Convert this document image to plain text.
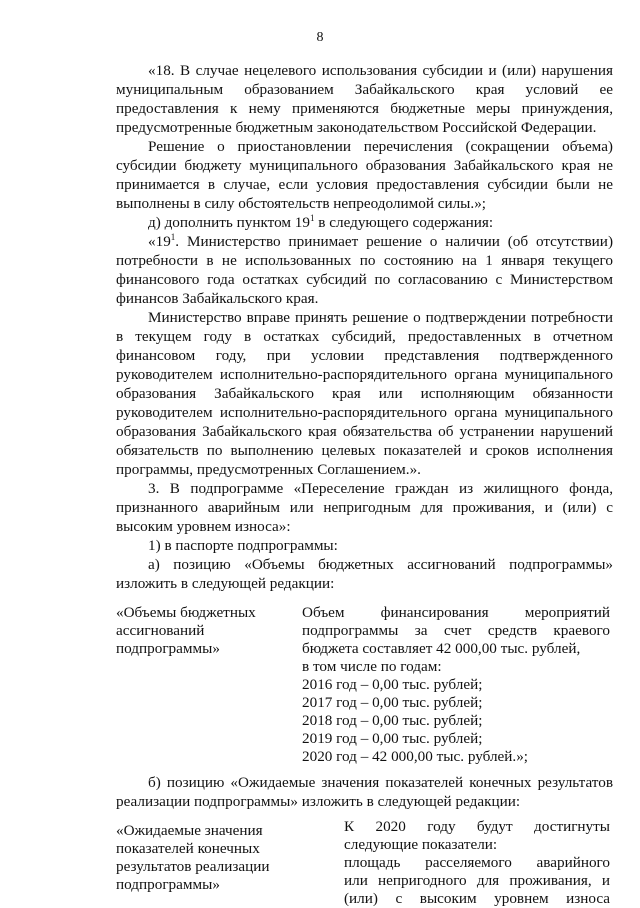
8
«18. В случае нецелевого использования субсидии и (или) нарушения
муниципальным образованием Забайкальского края условий ее
предоставления к нему применяются бюджетные меры принуждения,
предусмотренные бюджетным законодательством Российской Федерации.
Решение о приостановлении перечисления (сокращении объема)
субсидии бюджету муниципального образования Забайкальского края не
принимается в случае, если условия предоставления субсидии были не
выполнены в силу обстоятельств непреодолимой силы.»;
д) дополнить пунктом $19^1$ в следующего содержания:
«$19^1$. Министерство принимает решение о наличии (об отсутствии)
потребности в не использованных по состоянию на 1 января текущего
финансового года остатках субсидий по согласованию с Министерством
финансов Забайкальского края.
Министерство вправе принять решение о подтверждении потребности
в текущем году в остатках субсидий, предоставленных в отчетном
финансовом году, при условии представления подтвержденного
руководителем исполнительно-распорядительного органа муниципального
образования Забайкальского края или исполняющим обязанности
руководителем исполнительно-распорядительного органа муниципального
образования Забайкальского края обязательства об устранении нарушений
обязательств по выполнению целевых показателей и сроков исполнения
программы, предусмотренных Соглашением.».
3. В подпрограмме «Переселение граждан из жилищного фонда,
признанного аварийным или непригодным для проживания, и (или) с
высоким уровнем износа»:
1) в паспорте подпрограммы:
а) позицию «Объемы бюджетных ассигнований подпрограммы»
изложить в следующей редакции:
«Объемы бюджетных
ассигнований
подпрограммы»
Объем финансирования мероприятий
подпрограммы за счет средств краевого
бюджета составляет 42 000,00 тыс. рублей,
в том числе по годам:
2016 год – 0,00 тыс. рублей;
2017 год – 0,00 тыс. рублей;
2018 год – 0,00 тыс. рублей;
2019 год – 0,00 тыс. рублей;
2020 год – 42 000,00 тыс. рублей.»;
б) позицию «Ожидаемые значения показателей конечных результатов
реализации подпрограммы» изложить в следующей редакции:
«Ожидаемые значения
показателей конечных
результатов реализации
подпрограммы»
К 2020 году будут достигнуты
следующие показатели:
площадь расселяемого аварийного
или непригодного для проживания, и
(или) с высоким уровнем износа
